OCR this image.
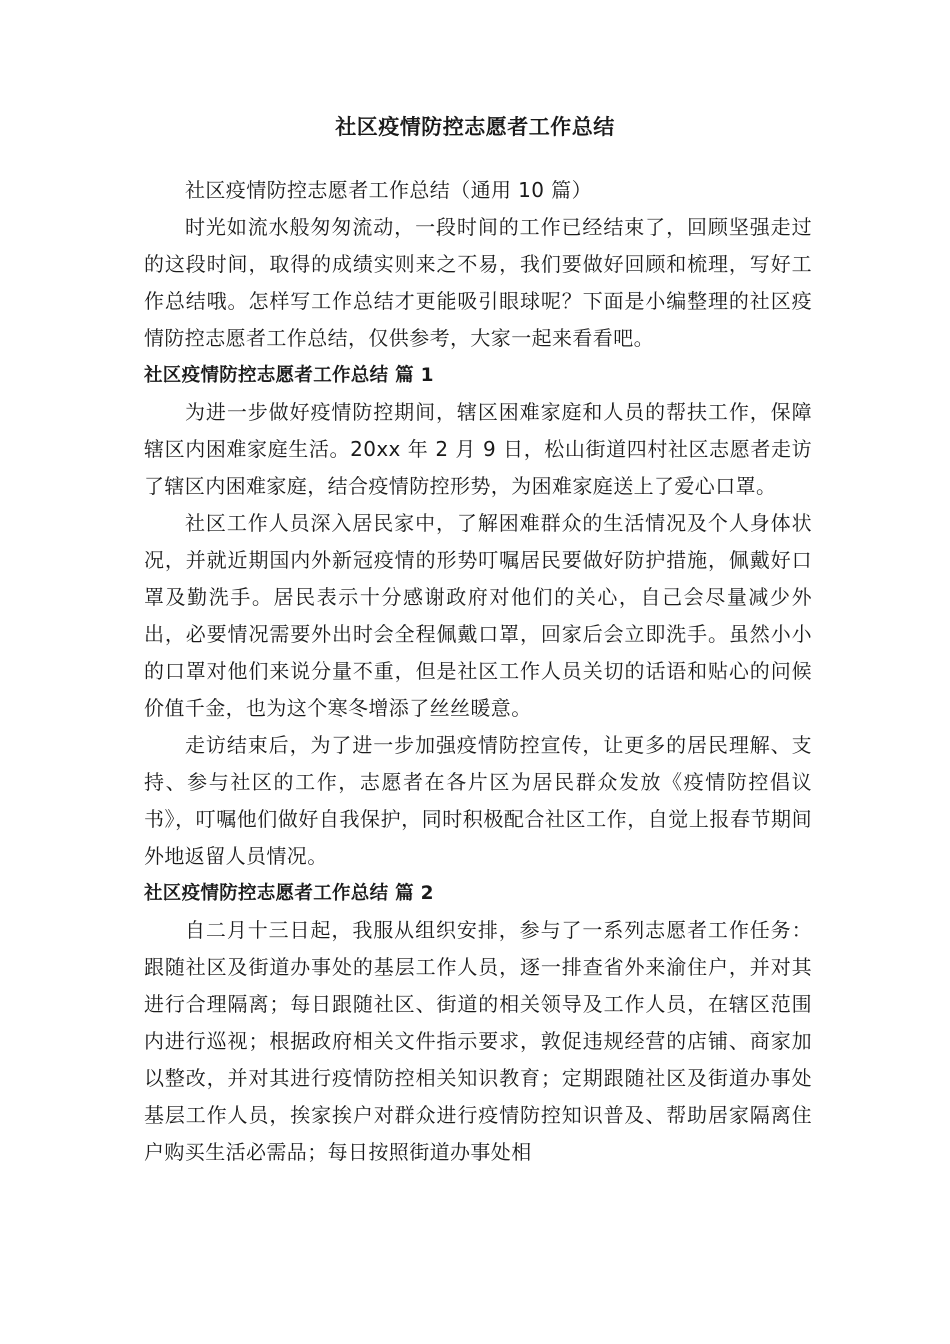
社区疫情防控志愿者工作总结

社区疫情防控志愿者工作总结（通用 10 篇）

时光如流水般匆匆流动，一段时间的工作已经结束了，回顾坚强走过的这段时间，取得的成绩实则来之不易，我们要做好回顾和梳理，写好工作总结哦。怎样写工作总结才更能吸引眼球呢？下面是小编整理的社区疫情防控志愿者工作总结，仅供参考，大家一起来看看吧。

社区疫情防控志愿者工作总结 篇 1

为进一步做好疫情防控期间，辖区困难家庭和人员的帮扶工作，保障辖区内困难家庭生活。20xx 年 2 月 9 日，松山街道四村社区志愿者走访了辖区内困难家庭，结合疫情防控形势，为困难家庭送上了爱心口罩。

社区工作人员深入居民家中，了解困难群众的生活情况及个人身体状况，并就近期国内外新冠疫情的形势叮嘱居民要做好防护措施，佩戴好口罩及勤洗手。居民表示十分感谢政府对他们的关心，自己会尽量减少外出，必要情况需要外出时会全程佩戴口罩，回家后会立即洗手。虽然小小的口罩对他们来说分量不重，但是社区工作人员关切的话语和贴心的问候价值千金，也为这个寒冬增添了丝丝暖意。

走访结束后，为了进一步加强疫情防控宣传，让更多的居民理解、支持、参与社区的工作，志愿者在各片区为居民群众发放《疫情防控倡议书》，叮嘱他们做好自我保护，同时积极配合社区工作，自觉上报春节期间外地返留人员情况。

社区疫情防控志愿者工作总结 篇 2

自二月十三日起，我服从组织安排，参与了一系列志愿者工作任务：跟随社区及街道办事处的基层工作人员，逐一排查省外来渝住户，并对其进行合理隔离；每日跟随社区、街道的相关领导及工作人员，在辖区范围内进行巡视；根据政府相关文件指示要求，敦促违规经营的店铺、商家加以整改，并对其进行疫情防控相关知识教育；定期跟随社区及街道办事处基层工作人员，挨家挨户对群众进行疫情防控知识普及、帮助居家隔离住户购买生活必需品；每日按照街道办事处相
